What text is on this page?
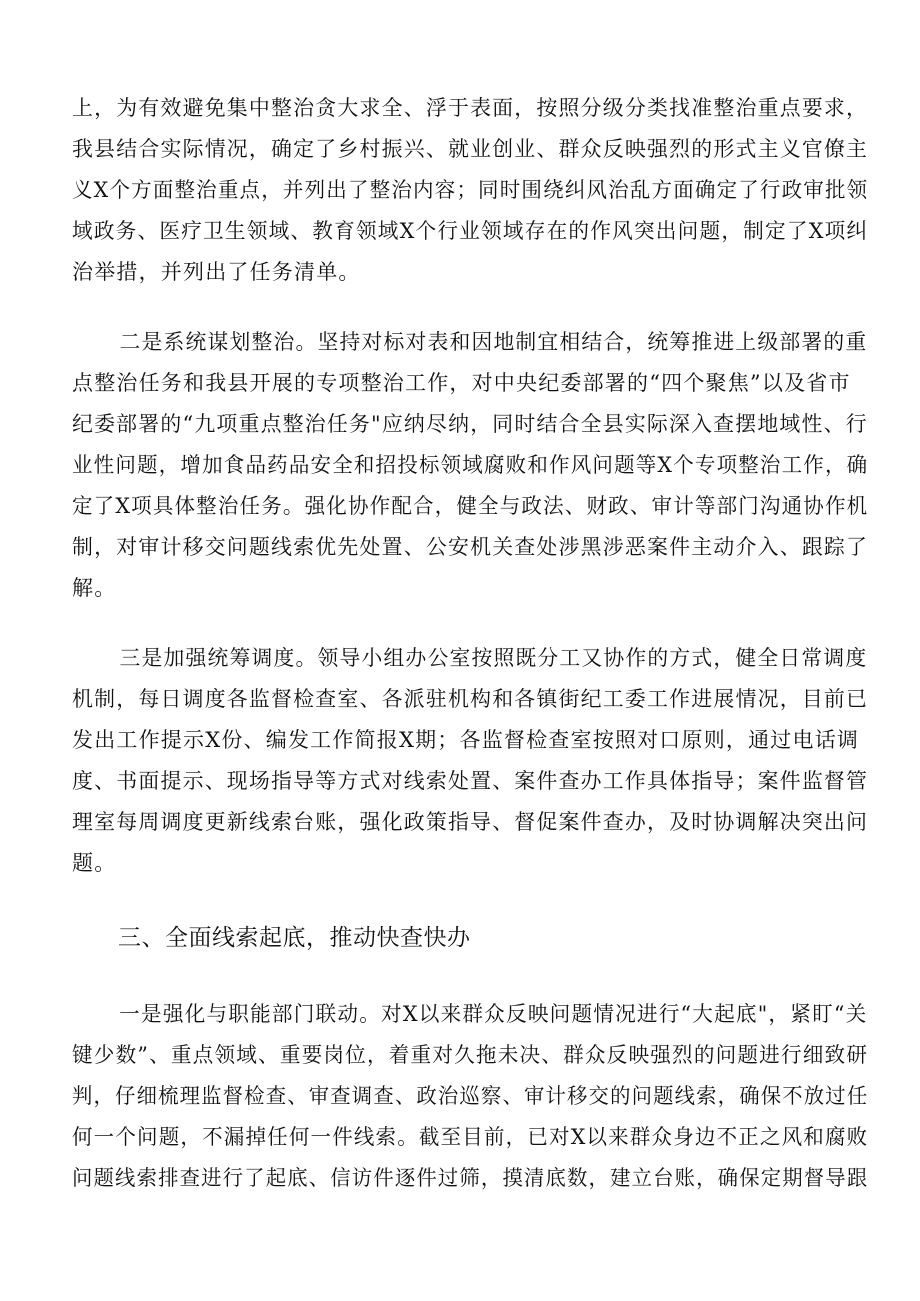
上，为有效避免集中整治贪大求全、浮于表面，按照分级分类找准整治重点要求，
我县结合实际情况，确定了乡村振兴、就业创业、群众反映强烈的形式主义官僚主
义X个方面整治重点，并列出了整治内容；同时围绕纠风治乱方面确定了行政审批领
域政务、医疗卫生领域、教育领域X个行业领域存在的作风突出问题，制定了X项纠
治举措，并列出了任务清单。
二是系统谋划整治。坚持对标对表和因地制宜相结合，统筹推进上级部署的重
点整治任务和我县开展的专项整治工作，对中央纪委部署的“四个聚焦”以及省市
纪委部署的“九项重点整治任务"应纳尽纳，同时结合全县实际深入查摆地域性、行
业性问题，增加食品药品安全和招投标领域腐败和作风问题等X个专项整治工作，确
定了X项具体整治任务。强化协作配合，健全与政法、财政、审计等部门沟通协作机
制，对审计移交问题线索优先处置、公安机关查处涉黑涉恶案件主动介入、跟踪了
解。
三是加强统筹调度。领导小组办公室按照既分工又协作的方式，健全日常调度
机制，每日调度各监督检查室、各派驻机构和各镇街纪工委工作进展情况，目前已
发出工作提示X份、编发工作简报X期；各监督检查室按照对口原则，通过电话调
度、书面提示、现场指导等方式对线索处置、案件查办工作具体指导；案件监督管
理室每周调度更新线索台账，强化政策指导、督促案件查办，及时协调解决突出问
题。
三、全面线索起底，推动快查快办
一是强化与职能部门联动。对X以来群众反映问题情况进行“大起底"，紧盯“关
键少数”、重点领域、重要岗位，着重对久拖未决、群众反映强烈的问题进行细致研
判，仔细梳理监督检查、审查调查、政治巡察、审计移交的问题线索，确保不放过任
何一个问题，不漏掉任何一件线索。截至目前，已对X以来群众身边不正之风和腐败
问题线索排查进行了起底、信访件逐件过筛，摸清底数，建立台账，确保定期督导跟
